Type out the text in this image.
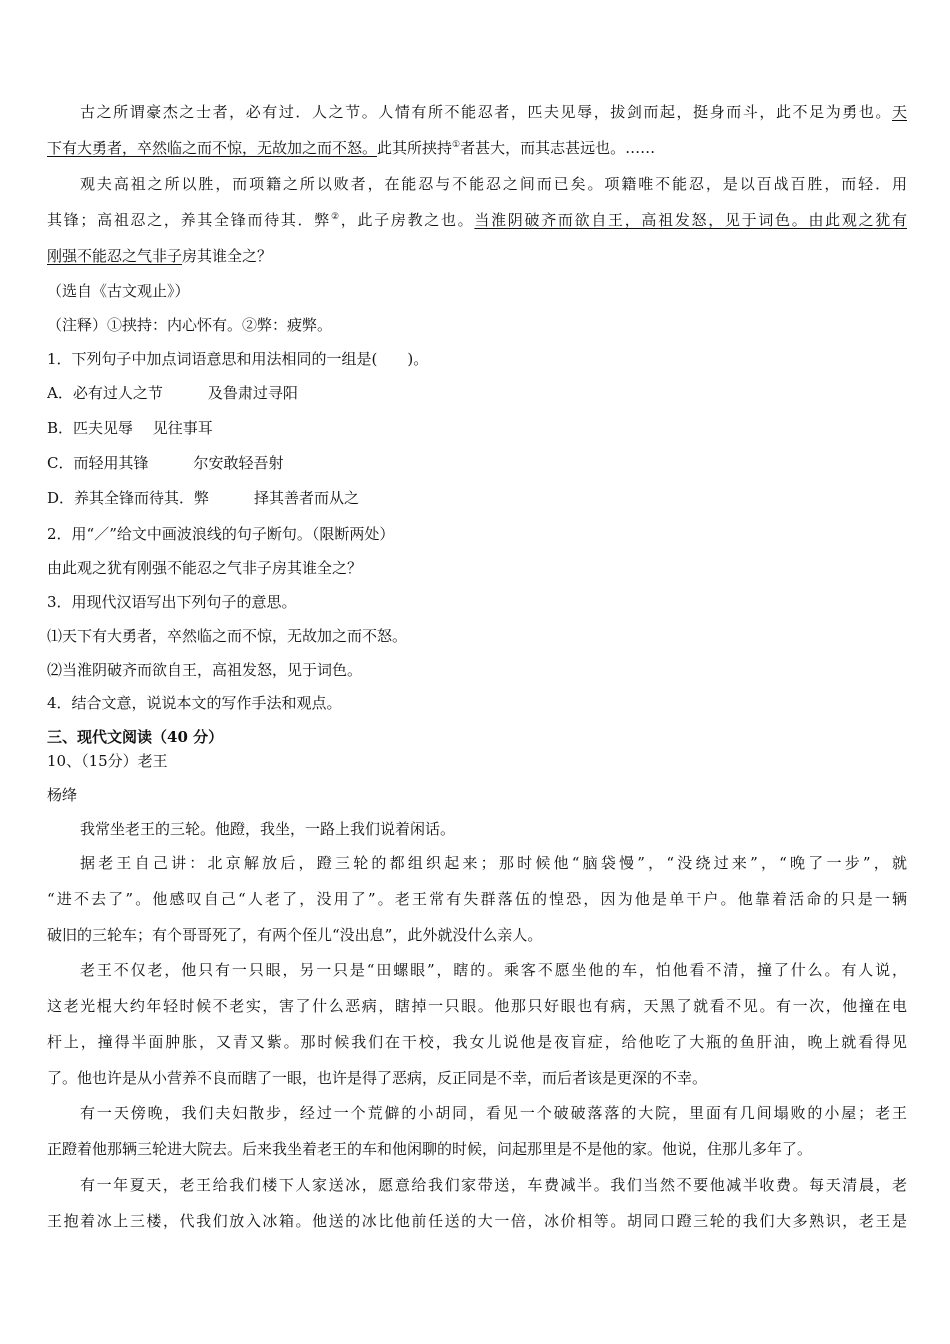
古之所谓豪杰之士者，必有过．人之节。人情有所不能忍者，匹夫见辱，拔剑而起，挺身而斗，此不足为勇也。天
下有大勇者，卒然临之而不惊，无故加之而不怒。此其所挟持①者甚大，而其志甚远也。……
观夫高祖之所以胜，而项籍之所以败者，在能忍与不能忍之间而已矣。项籍唯不能忍，是以百战百胜，而轻．用
其锋；高祖忍之，养其全锋而待其．弊②，此子房教之也。当淮阴破齐而欲自王，高祖发怒，见于词色。由此观之犹有
刚强不能忍之气非子房其谁全之？
（选自《古文观止》）
（注释）①挟持：内心怀有。②弊：疲弊。
1．下列句子中加点词语意思和用法相同的一组是(　　)。
A．必有过人之节　　　及鲁肃过寻阳
B．匹夫见辱　 见往事耳
C．而轻用其锋　　　尔安敢轻吾射
D．养其全锋而待其．弊　　　择其善者而从之
2．用“／”给文中画波浪线的句子断句。（限断两处）
由此观之犹有刚强不能忍之气非子房其谁全之？
3．用现代汉语写出下列句子的意思。
⑴天下有大勇者，卒然临之而不惊，无故加之而不怒。
⑵当淮阴破齐而欲自王，高祖发怒，见于词色。
4．结合文意，说说本文的写作手法和观点。
三、现代文阅读（40 分）
10、（15分）老王
杨绛
我常坐老王的三轮。他蹬，我坐，一路上我们说着闲话。
据老王自己讲：北京解放后，蹬三轮的都组织起来；那时候他“脑袋慢”，“没绕过来”，“晚了一步”，就
“进不去了”。他感叹自己“人老了，没用了”。老王常有失群落伍的惶恐，因为他是单干户。他靠着活命的只是一辆
破旧的三轮车；有个哥哥死了，有两个侄儿“没出息”，此外就没什么亲人。
老王不仅老，他只有一只眼，另一只是“田螺眼”，瞎的。乘客不愿坐他的车，怕他看不清，撞了什么。有人说，
这老光棍大约年轻时候不老实，害了什么恶病，瞎掉一只眼。他那只好眼也有病，天黑了就看不见。有一次，他撞在电
杆上，撞得半面肿胀，又青又紫。那时候我们在干校，我女儿说他是夜盲症，给他吃了大瓶的鱼肝油，晚上就看得见
了。他也许是从小营养不良而瞎了一眼，也许是得了恶病，反正同是不幸，而后者该是更深的不幸。
有一天傍晚，我们夫妇散步，经过一个荒僻的小胡同，看见一个破破落落的大院，里面有几间塌败的小屋；老王
正蹬着他那辆三轮进大院去。后来我坐着老王的车和他闲聊的时候，问起那里是不是他的家。他说，住那儿多年了。
有一年夏天，老王给我们楼下人家送冰，愿意给我们家带送，车费减半。我们当然不要他减半收费。每天清晨，老
王抱着冰上三楼，代我们放入冰箱。他送的冰比他前任送的大一倍，冰价相等。胡同口蹬三轮的我们大多熟识，老王是
